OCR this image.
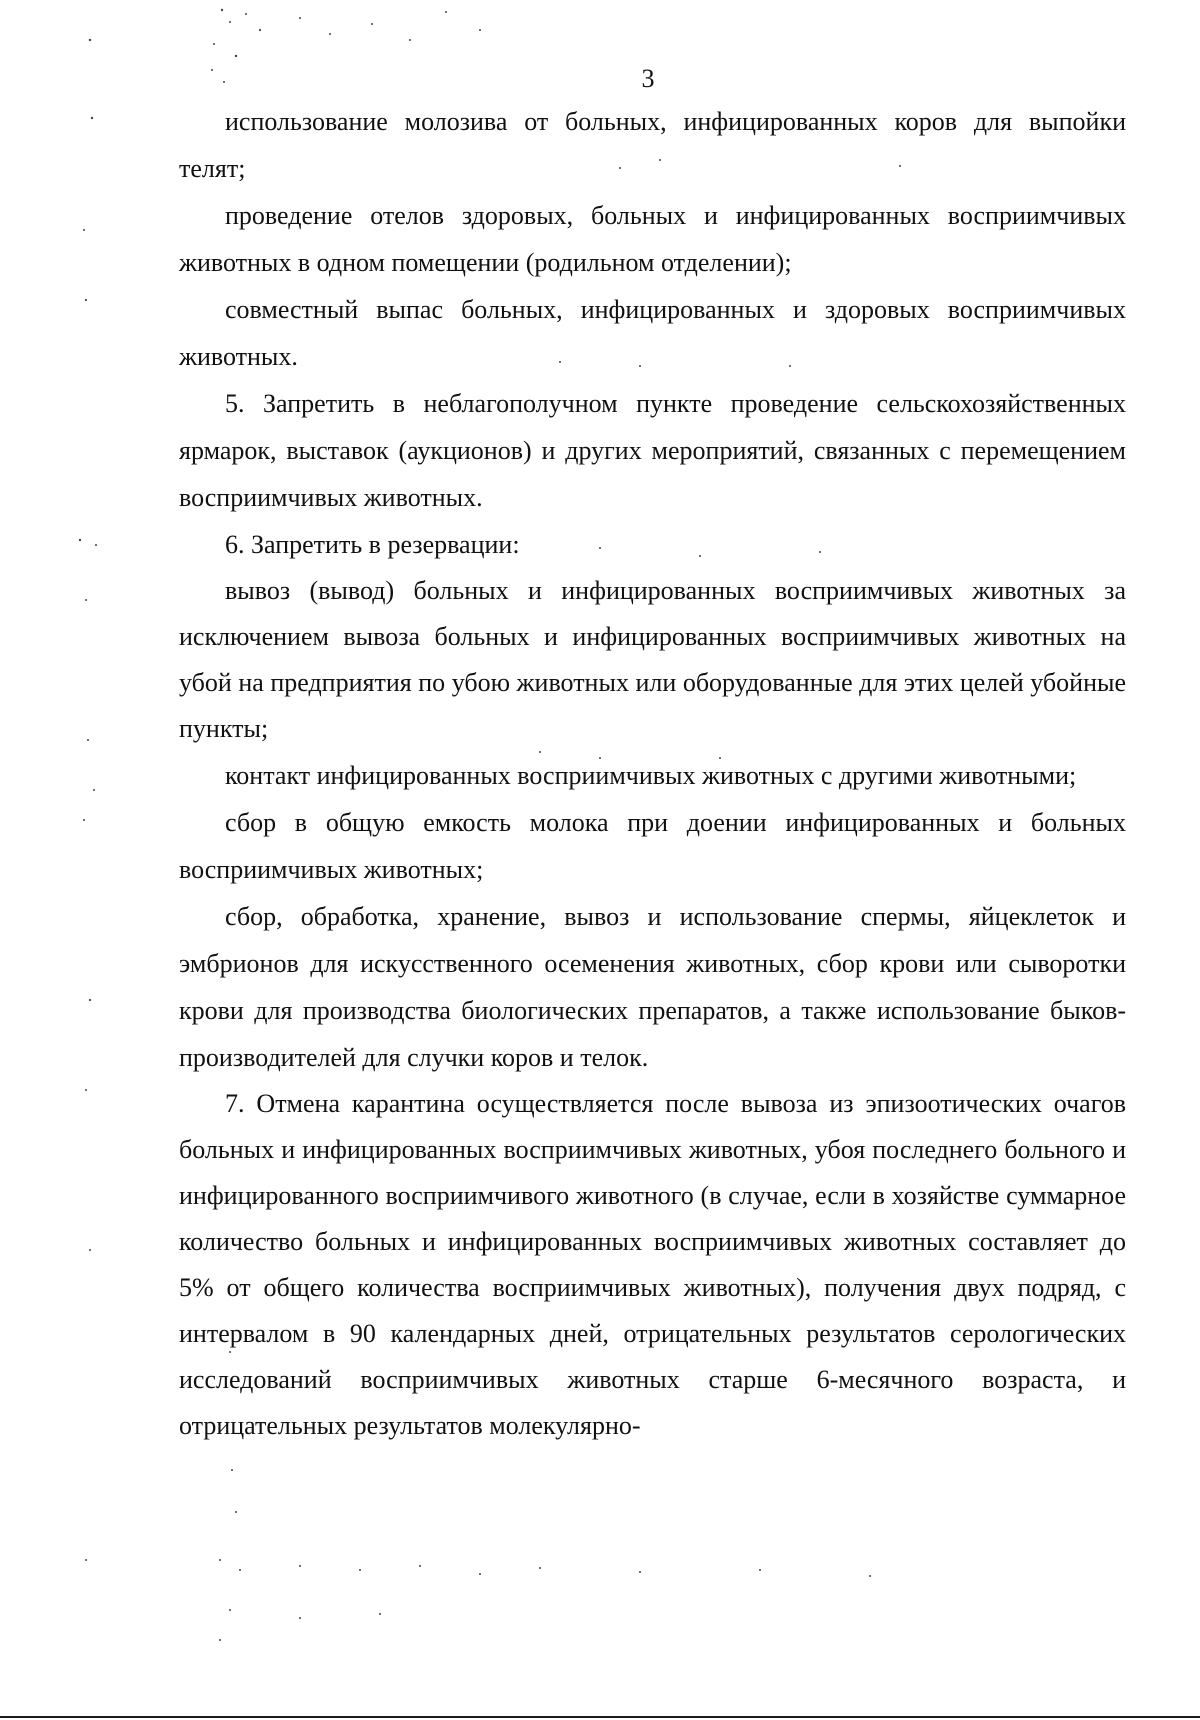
3

использование молозива от больных, инфицированных коров для выпойки телят;

проведение отелов здоровых, больных и инфицированных восприимчивых животных в одном помещении (родильном отделении);

совместный выпас больных, инфицированных и здоровых восприимчивых животных.

5. Запретить в неблагополучном пункте проведение сельскохозяйственных ярмарок, выставок (аукционов) и других мероприятий, связанных с перемещением восприимчивых животных.

6. Запретить в резервации:

вывоз (вывод) больных и инфицированных восприимчивых животных за исключением вывоза больных и инфицированных восприимчивых животных на убой на предприятия по убою животных или оборудованные для этих целей убойные пункты;

контакт инфицированных восприимчивых животных с другими животными;

сбор в общую емкость молока при доении инфицированных и больных восприимчивых животных;

сбор, обработка, хранение, вывоз и использование спермы, яйцеклеток и эмбрионов для искусственного осеменения животных, сбор крови или сыворотки крови для производства биологических препаратов, а также использование быков-производителей для случки коров и телок.

7. Отмена карантина осуществляется после вывоза из эпизоотических очагов больных и инфицированных восприимчивых животных, убоя последнего больного и инфицированного восприимчивого животного (в случае, если в хозяйстве суммарное количество больных и инфицированных восприимчивых животных составляет до 5% от общего количества восприимчивых животных), получения двух подряд, с интервалом в 90 календарных дней, отрицательных результатов серологических исследований восприимчивых животных старше 6-месячного возраста, и отрицательных результатов молекулярно-
